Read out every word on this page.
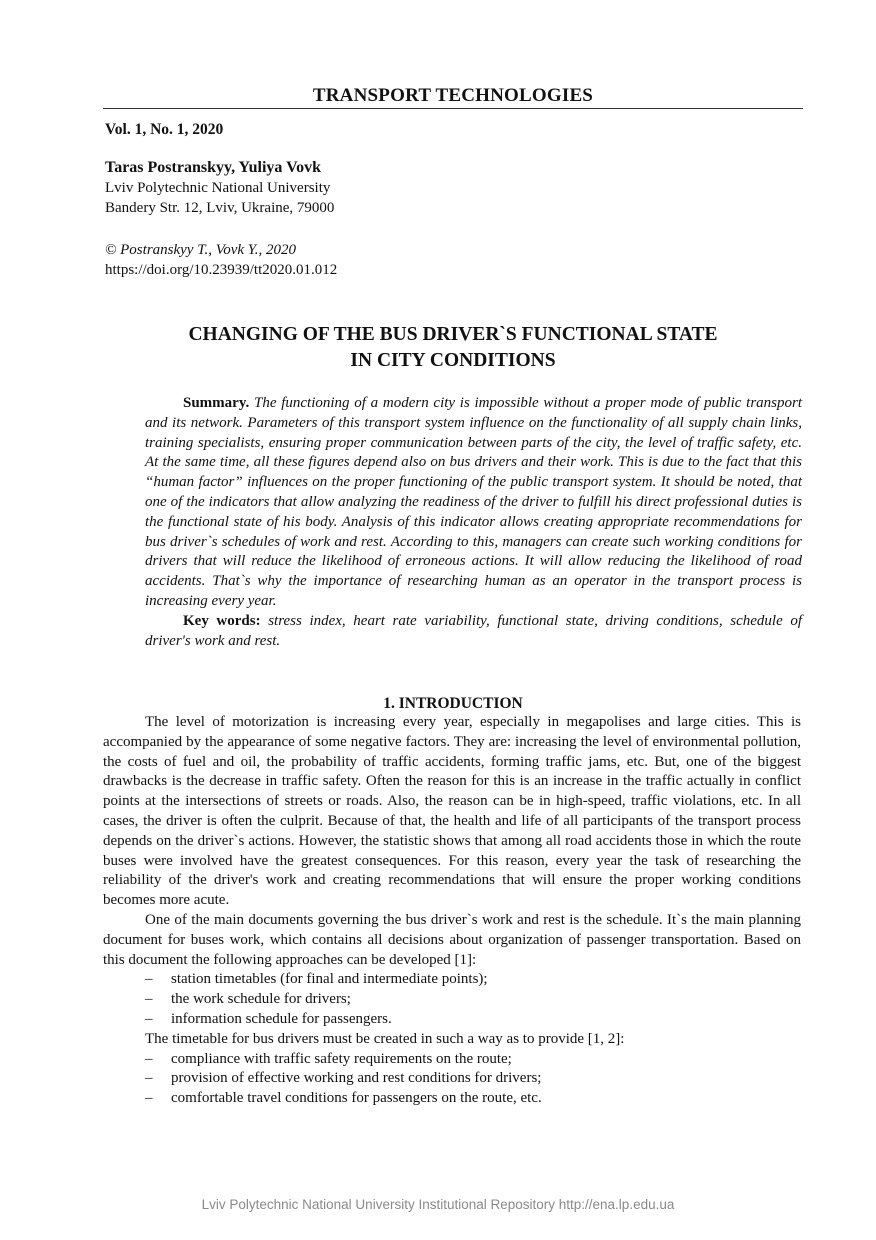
TRANSPORT TECHNOLOGIES
Vol. 1, No. 1, 2020
Taras Postranskyy, Yuliya Vovk
Lviv Polytechnic National University
Bandery Str. 12, Lviv, Ukraine, 79000
© Postranskyy T., Vovk Y., 2020
https://doi.org/10.23939/tt2020.01.012
CHANGING OF THE BUS DRIVER`S FUNCTIONAL STATE
IN CITY CONDITIONS

Summary. The functioning of a modern city is impossible without a proper mode of public transport and its network. Parameters of this transport system influence on the functionality of all supply chain links, training specialists, ensuring proper communication between parts of the city, the level of traffic safety, etc. At the same time, all these figures depend also on bus drivers and their work. This is due to the fact that this “human factor” influences on the proper functioning of the public transport system. It should be noted, that one of the indicators that allow analyzing the readiness of the driver to fulfill his direct professional duties is the functional state of his body. Analysis of this indicator allows creating appropriate recommendations for bus driver`s schedules of work and rest. According to this, managers can create such working conditions for drivers that will reduce the likelihood of erroneous actions. It will allow reducing the likelihood of road accidents. That`s why the importance of researching human as an operator in the transport process is increasing every year.

Key words: stress index, heart rate variability, functional state, driving conditions, schedule of driver's work and rest.

1. INTRODUCTION

The level of motorization is increasing every year, especially in megapolises and large cities. This is accompanied by the appearance of some negative factors. They are: increasing the level of environmental pollution, the costs of fuel and oil, the probability of traffic accidents, forming traffic jams, etc. But, one of the biggest drawbacks is the decrease in traffic safety. Often the reason for this is an increase in the traffic actually in conflict points at the intersections of streets or roads. Also, the reason can be in high-speed, traffic violations, etc. In all cases, the driver is often the culprit. Because of that, the health and life of all participants of the transport process depends on the driver`s actions. However, the statistic shows that among all road accidents those in which the route buses were involved have the greatest consequences. For this reason, every year the task of researching the reliability of the driver's work and creating recommendations that will ensure the proper working conditions becomes more acute.

One of the main documents governing the bus driver`s work and rest is the schedule. It`s the main planning document for buses work, which contains all decisions about organization of passenger transportation. Based on this document the following approaches can be developed [1]:

– station timetables (for final and intermediate points);
– the work schedule for drivers;
– information schedule for passengers.

The timetable for bus drivers must be created in such a way as to provide [1, 2]:

– compliance with traffic safety requirements on the route;
– provision of effective working and rest conditions for drivers;
– comfortable travel conditions for passengers on the route, etc.
Lviv Polytechnic National University Institutional Repository http://ena.lp.edu.ua
